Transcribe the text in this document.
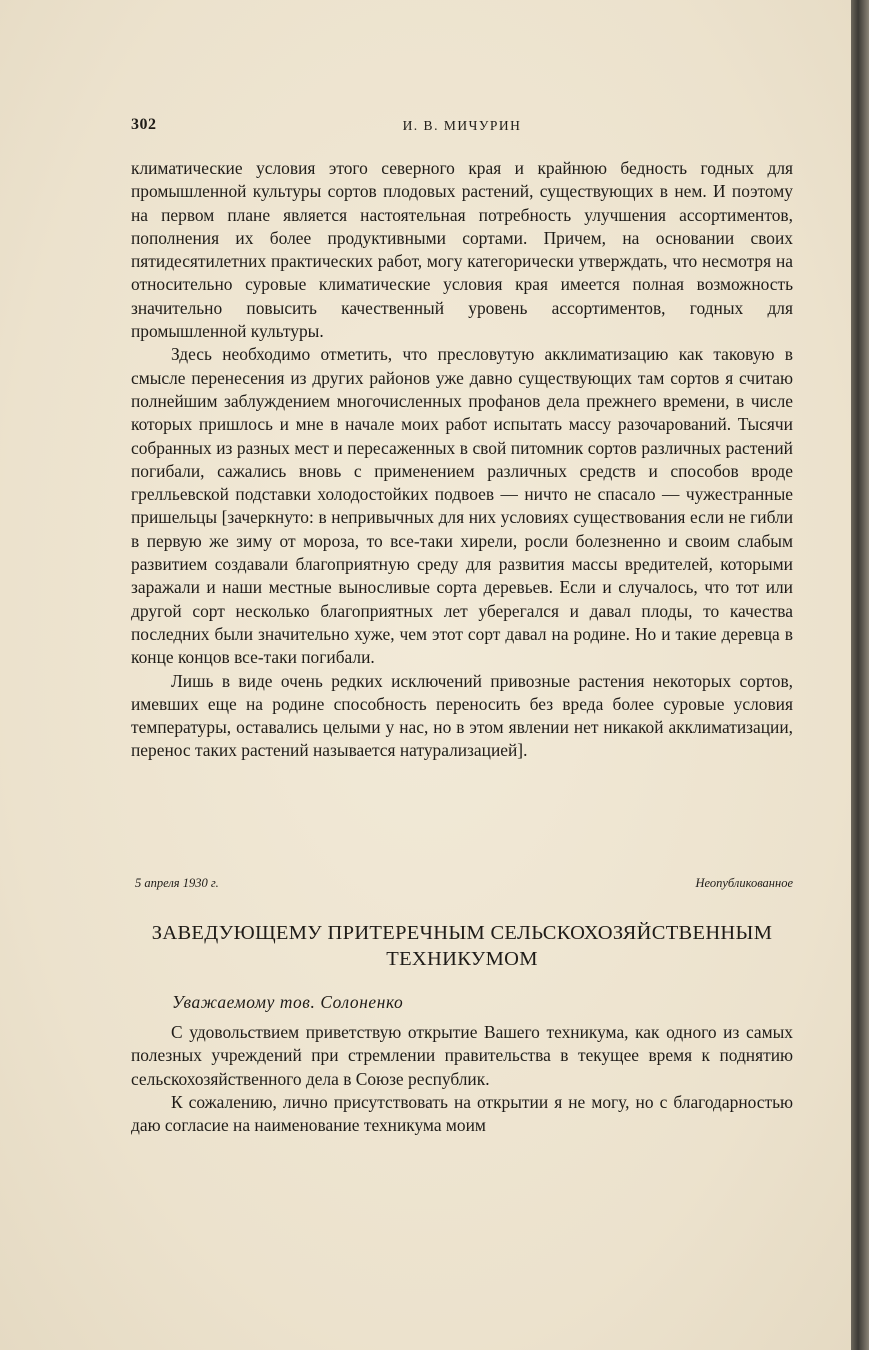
302	И. В. МИЧУРИН

климатические условия этого северного края и крайнюю бедность годных для промышленной культуры сортов плодовых растений, существующих в нем. И поэтому на первом плане является настоятельная потребность улучшения ассортиментов, пополнения их более продуктивными сортами. Причем, на основании своих пятидесятилетних практических работ, могу категорически утверждать, что несмотря на относительно суровые климатические условия края имеется полная возможность значительно повысить качественный уровень ассортиментов, годных для промышленной культуры.

Здесь необходимо отметить, что пресловутую акклиматизацию как таковую в смысле перенесения из других районов уже давно существующих там сортов я считаю полнейшим заблуждением многочисленных профанов дела прежнего времени, в числе которых пришлось и мне в начале моих работ испытать массу разочарований. Тысячи собранных из разных мест и пересаженных в свой питомник сортов различных растений погибали, сажались вновь с применением различных средств и способов вроде грелльевской подставки холодостойких подвоев — ничто не спасало — чужестранные пришельцы [зачеркнуто: в непривычных для них условиях существования если не гибли в первую же зиму от мороза, то все-таки хирели, росли болезненно и своим слабым развитием создавали благоприятную среду для развития массы вредителей, которыми заражали и наши местные выносливые сорта деревьев. Если и случалось, что тот или другой сорт несколько благоприятных лет уберегался и давал плоды, то качества последних были значительно хуже, чем этот сорт давал на родине. Но и такие деревца в конце концов все-таки погибали.

Лишь в виде очень редких исключений привозные растения некоторых сортов, имевших еще на родине способность переносить без вреда более суровые условия температуры, оставались целыми у нас, но в этом явлении нет никакой акклиматизации, перенос таких растений называется натурализацией].

5 апреля 1930 г.	Неопубликованное
ЗАВЕДУЮЩЕМУ ПРИТЕРЕЧНЫМ СЕЛЬСКОХОЗЯЙСТВЕННЫМ
ТЕХНИКУМОМ
Уважаемому тов. Солоненко

С удовольствием приветствую открытие Вашего техникума, как одного из самых полезных учреждений при стремлении правительства в текущее время к поднятию сельскохозяйственного дела в Союзе республик.

К сожалению, лично присутствовать на открытии я не могу, но с благодарностью даю согласие на наименование техникума моим
